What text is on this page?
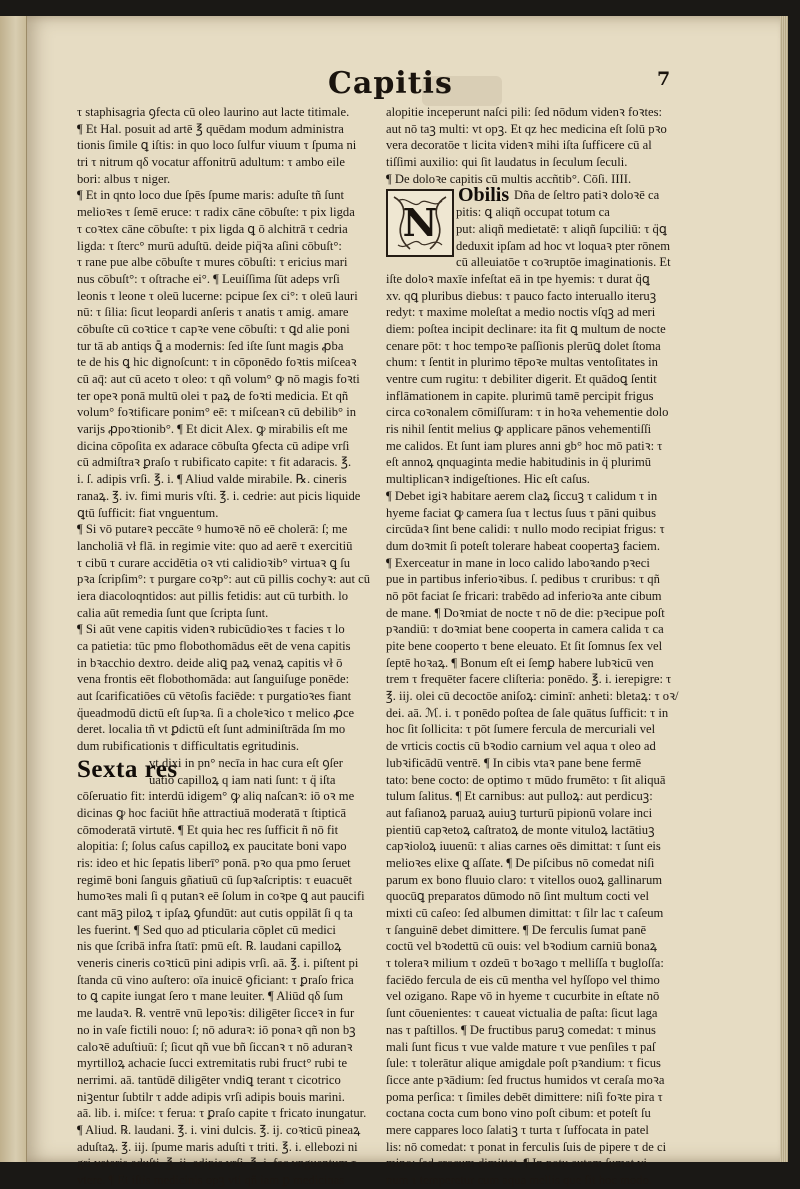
Capitis	7
τ staphisagria ꝯfecta cū oleo laurino aut lacte titimale.
¶ Et Hal. posuit ad artē ℥ quēdam modum administra
tionis ſimile ꝗ iſtis: in quo loco ſulfur viuum τ ſpuma ni
tri τ nitrum qδ vocatur affonitrū adultum: τ ambo eile
bori: albus τ niger.
¶ Et in qnto loco due ſpēs ſpume maris: aduſte tñ ſunt
melioꝛes τ ſemē eruce: τ radix cāne cōbuſte: τ pix ligda
τ coꝛtex cāne cōbuſte: τ pix ligda ꝗ ō alchitrā τ cedria
ligda: τ ſterc° murū aduſtū. deide piq̈ꝛa aſini cōbuſt°:
τ rane pue albe cōbuſte τ mures cōbuſti: τ ericius mari
nus cōbuſt°: τ oſtrache ei°. ¶ Leuiſſima ſūt adeps vrſi
leonis τ leone τ oleū lucerne: pcipue ſex ci°: τ oleū lauri
nū: τ ſilia: ſicut leopardi anſeris τ anatis τ amig. amare
cōbuſte cū coꝛtice τ capꝛe vene cōbuſti: τ ꝗd alie poni
tur tā ab antiqs ꝗ̄ a modernis: ſed iſte ſunt magis ꝓba
te de his ꝗ hic dignoſcunt: τ in cōponēdo foꝛtis miſceaꝛ
cū aq̄: aut cū aceto τ oleo: τ qñ volum° ꝙ nō magis foꝛti
ter opeꝛ ponā multū olei τ paꝝ de foꝛti medicia. Et qñ
volum° foꝛtificare ponim° eē: τ miſceanꝛ cū debilib° in
varijs ꝓpoꝛtionib°. ¶ Et dicit Alex. ꝙ mirabilis eſt me
dicina cōpoſita ex adarace cōbuſta ꝯfecta cū adipe vrſi
cū admiſtraꝛ ꝑraſo τ rubificato capite: τ fit adaracis. ℥.
i. ſ. adipis vrſi. ℥. i. ¶ Aliud valde mirabile. ℞. cineris
ranaꝝ. ℥. iv. fimi muris vſti. ℥. i. cedrie: aut picis liquide
ꝗtū ſufficit: fiat vnguentum.
¶ Si vō putareꝛ peccāte ꝰ humoꝛē nō eē cholerā: ſ; me
lancholiā vł flā. in regimie vite: quo ad aerē τ exercitiū
τ cibū τ curare accidētia oꝛ vti calidioꝛib° virtuaꝛ ꝗ ſu
pꝛa ſcripſim°: τ purgare coꝛp°: aut cū pillis cochyꝛ: aut cū
iera diacoloqntidos: aut pillis fetidis: aut cū turbith. lo
calia aūt remedia ſunt que ſcripta ſunt.
¶ Si aūt vene capitis videnꝛ rubicūdioꝛes τ facies τ lo
ca patietia: tūc pmo flobothomādus eēt de vena capitis
in bꝛacchio dextro. deide aliꝗ paꝝ venaꝝ capitis vł ō
vena frontis eēt flobothomāda: aut ſanguiſuge ponēde:
aut ſcarificatiōes cū vētoſis faciēde: τ purgatioꝛes fiant
q̈ueadmodū dictū eſt ſupꝛa. ſi a choleꝛico τ melico ꝓce
deret. localia tñ vt ꝑdictū eſt ſunt adminiſtrāda ſm mo
dum rubificationis τ difficultatis egritudinis.
Sexta res
vt dixi in pn° necīa in hac cura eſt ꝯſer
uatio capilloꝝ q iam nati ſunt: τ q̈ iſta
cōſeruatio fit: interdū idigem° ꝙ aliq naſcanꝛ: iō oꝛ me
dicinas ꝙ hoc faciūt hñe attractiuā moderatā τ ſtipticā
cōmoderatā virtutē. ¶ Et quia hec res ſufficit ñ nō fit
alopitia: ſ; ſolus caſus capilloꝝ ex paucitate boni vapo
ris: ideo et hic ſepatis liberī° ponā. pꝛo qua pmo ſeruet
regimē boni ſanguis gñatiuū cū ſupꝛaſcriptis: τ euacuēt
humoꝛes mali ſi q putanꝛ eē ſolum in coꝛpe ꝗ aut paucifi
cant māꝫ piloꝝ τ ipſaꝝ ꝯfundūt: aut cutis oppilāt ſi q ta
les fuerint. ¶ Sed quo ad pticularia cōplet cū medici
nis que ſcribā infra ſtatī: pmū eſt. ℞. laudani capilloꝝ
veneris cineris coꝛticū pini adipis vrſi. aā. ℥. i. piſtent pi
ſtanda cū vino auſtero: oīa inuicē ꝯficiant: τ ꝑraſo frica
to ꝗ capite iungat ſero τ mane leuiter. ¶ Aliūd qδ ſum
me laudaꝛ. ℞. ventrē vnū lepoꝛis: diligēter ſicceꝛ in fur
no in vaſe fictili nouo: ſ; nō aduraꝛ: iō ponaꝛ qñ non bꝫ
caloꝛē aduſtiuū: ſ; ſicut qñ vue bñ ſiccanꝛ τ nō aduranꝛ
myrtilloꝝ achacie ſucci extremitatis rubi fruct° rubi te
nerrimi. aā. tantūdē diligēter vndiꝗ terant τ cicotrico
niꝫentur ſubtilr τ adde adipis vrſi adipis bouis marini.
aā. lib. i. miſce: τ ferua: τ ꝑraſo capite τ fricato inungatur.
¶ Aliud. ℞. laudani. ℥. i. vini dulcis. ℥. ij. coꝛticū pineaꝝ
aduſtaꝝ. ℥. iij. ſpume maris aduſti τ triti. ℥. i. ellebozi ni
gri veteris aduſti. ℥. ij. adipis vrſi. ℥. i. fac vnguentum τ
vtere. ¶ Et iſtis medicinis opꝫ vti qñ iam ꝑ medicinas
alopitie inceperunt naſci pili: ſed nōdum videnꝛ foꝛtes:
aut nō taꝫ multi: vt opꝫ. Et qz hec medicina eſt ſolū pꝛo
vera decoratōe τ licita videnꝛ mihi iſta ſufficere cū al
tiſſimi auxilio: qui ſit laudatus in ſeculum ſeculi.
¶ De doloꝛe capitis cū multis accñtib°. Cōſi. IIII.
N
Obilis Dña de ſeltro patiꝛ doloꝛē ca
pitis: ꝗ aliqñ occupat totum ca
put: aliqñ medietatē: τ aliqñ ſupciliū: τ q̈ꝗ
deduxit ipſam ad hoc vt loquaꝛ pter rōnem
cū alleuiatōe τ coꝛruptōe imaginationis. Et
iſte doloꝛ maxīe infeſtat eā in tpe hyemis: τ durat q̈ꝗ
xv. qꝗ pluribus diebus: τ pauco facto interuallo iteruꝫ
redyt: τ maxime moleſtat a medio noctis vſqꝫ ad meri
diem: poſtea incipit declinare: ita fit ꝗ multum de nocte
cenare pōt: τ hoc tempoꝛe paſſionis plerūꝗ dolet ſtoma
chum: τ ſentit in plurimo tēpoꝛe multas ventoſitates in
ventre cum rugitu: τ debiliter digerit. Et quādoꝗ ſentit
inflāmationem in capite. plurimū tamē percipit frigus
circa coꝛonalem cōmiſſuram: τ in hoꝛa vehementie dolo
ris nihil ſentit melius ꝙ applicare pānos vehementiſſi
me calidos. Et ſunt iam plures anni gb° hoc mō patiꝛ: τ
eſt annoꝝ qnquaginta medie habitudinis in q̈ plurimū
multiplicanꝛ indigeſtiones. Hic eſt caſus.
¶ Debet igiꝛ habitare aerem claꝝ ſiccuꝫ τ calidum τ in
hyeme faciat ꝙ camera ſua τ lectus ſuus τ pāni quibus
circūdaꝛ ſint bene calidi: τ nullo modo recipiat frigus: τ
dum doꝛmit ſi poteſt tolerare habeat coopertaꝫ faciem.
¶ Exerceatur in mane in loco calido laboꝛando pꝛeci
pue in partibus inferioꝛibus. ſ. pedibus τ cruribus: τ qñ
nō pōt faciat ſe fricari: trabēdo ad inferioꝛa ante cibum
de mane. ¶ Doꝛmiat de nocte τ nō de die: pꝛecipue poſt
pꝛandiū: τ doꝛmiat bene cooperta in camera calida τ ca
pite bene cooperto τ bene eleuato. Et ſit ſomnus ſex vel
ſeptē hoꝛaꝝ. ¶ Bonum eſt ei ſemꝑ habere lubꝛicū ven
trem τ frequēter facere cliſteria: ponēdo. ℥. i. ierepigre: τ
℥. iij. olei cū decoctōe aniſoꝝ: ciminī: anheti: bletaꝝ: τ oꝛ/
dei. aā. ℳ. i. τ ponēdo poſtea de ſale quātus ſufficit: τ in
hoc ſit ſollicita: τ pōt ſumere fercula de mercuriali vel
de vrticis coctis cū bꝛodio carnium vel aqua τ oleo ad
lubꝛificādū ventrē. ¶ In cibis vtaꝛ pane bene fermē
tato: bene cocto: de optimo τ mūdo frumēto: τ ſit aliquā
tulum ſalitus. ¶ Et carnibus: aut pulloꝝ: aut perdicuꝫ:
aut faſianoꝝ paruaꝝ auiuꝫ turturū pipionū volare inci
pientiū capꝛetoꝝ caſtratoꝝ de monte vituloꝝ lactātiuꝫ
capꝛioloꝝ iuuenū: τ alias carnes oēs dimittat: τ ſunt eis
melioꝛes elixe ꝗ aſſate. ¶ De piſcibus nō comedat niſi
parum ex bono fluuio claro: τ vitellos ouoꝝ gallinarum
quocūꝗ preparatos dūmodo nō ſint multum cocti vel
mixti cū caſeo: ſed albumen dimittat: τ ſilr lac τ caſeum
τ ſanguinē debet dimittere. ¶ De ferculis ſumat panē
coctū vel bꝛodettū cū ouis: vel bꝛodium carniū bonaꝝ
τ toleraꝛ milium τ ozdeū τ boꝛago τ melliſſa τ bugloſſa:
faciēdo fercula de eis cū mentha vel hyſſopo vel thimo
vel ozigano. Rape vō in hyeme τ cucurbite in eſtate nō
ſunt cōuenientes: τ caueat victualia de paſta: ſicut laga
nas τ paſtillos. ¶ De fructibus paruꝫ comedat: τ minus
mali ſunt ficus τ vue valde mature τ vue penſiles τ paſ
ſule: τ tolerātur alique amigdale poſt pꝛandium: τ ficus
ſicce ante pꝛādium: ſed fructus humidos vt ceraſa moꝛa
poma perſica: τ ſimiles debēt dimittere: niſi foꝛte pira τ
coctana cocta cum bono vino poſt cibum: et poteſt ſu
mere cappares loco ſalatiꝫ τ turta τ ſuffocata in patel
lis: nō comedat: τ ponat in ferculis ſuis de pipere τ de ci
mino: ſed crocum dimittat. ¶ In potu autem ſumat vi
num τ temperetur cum aqua mellis que fit hoc modo.
